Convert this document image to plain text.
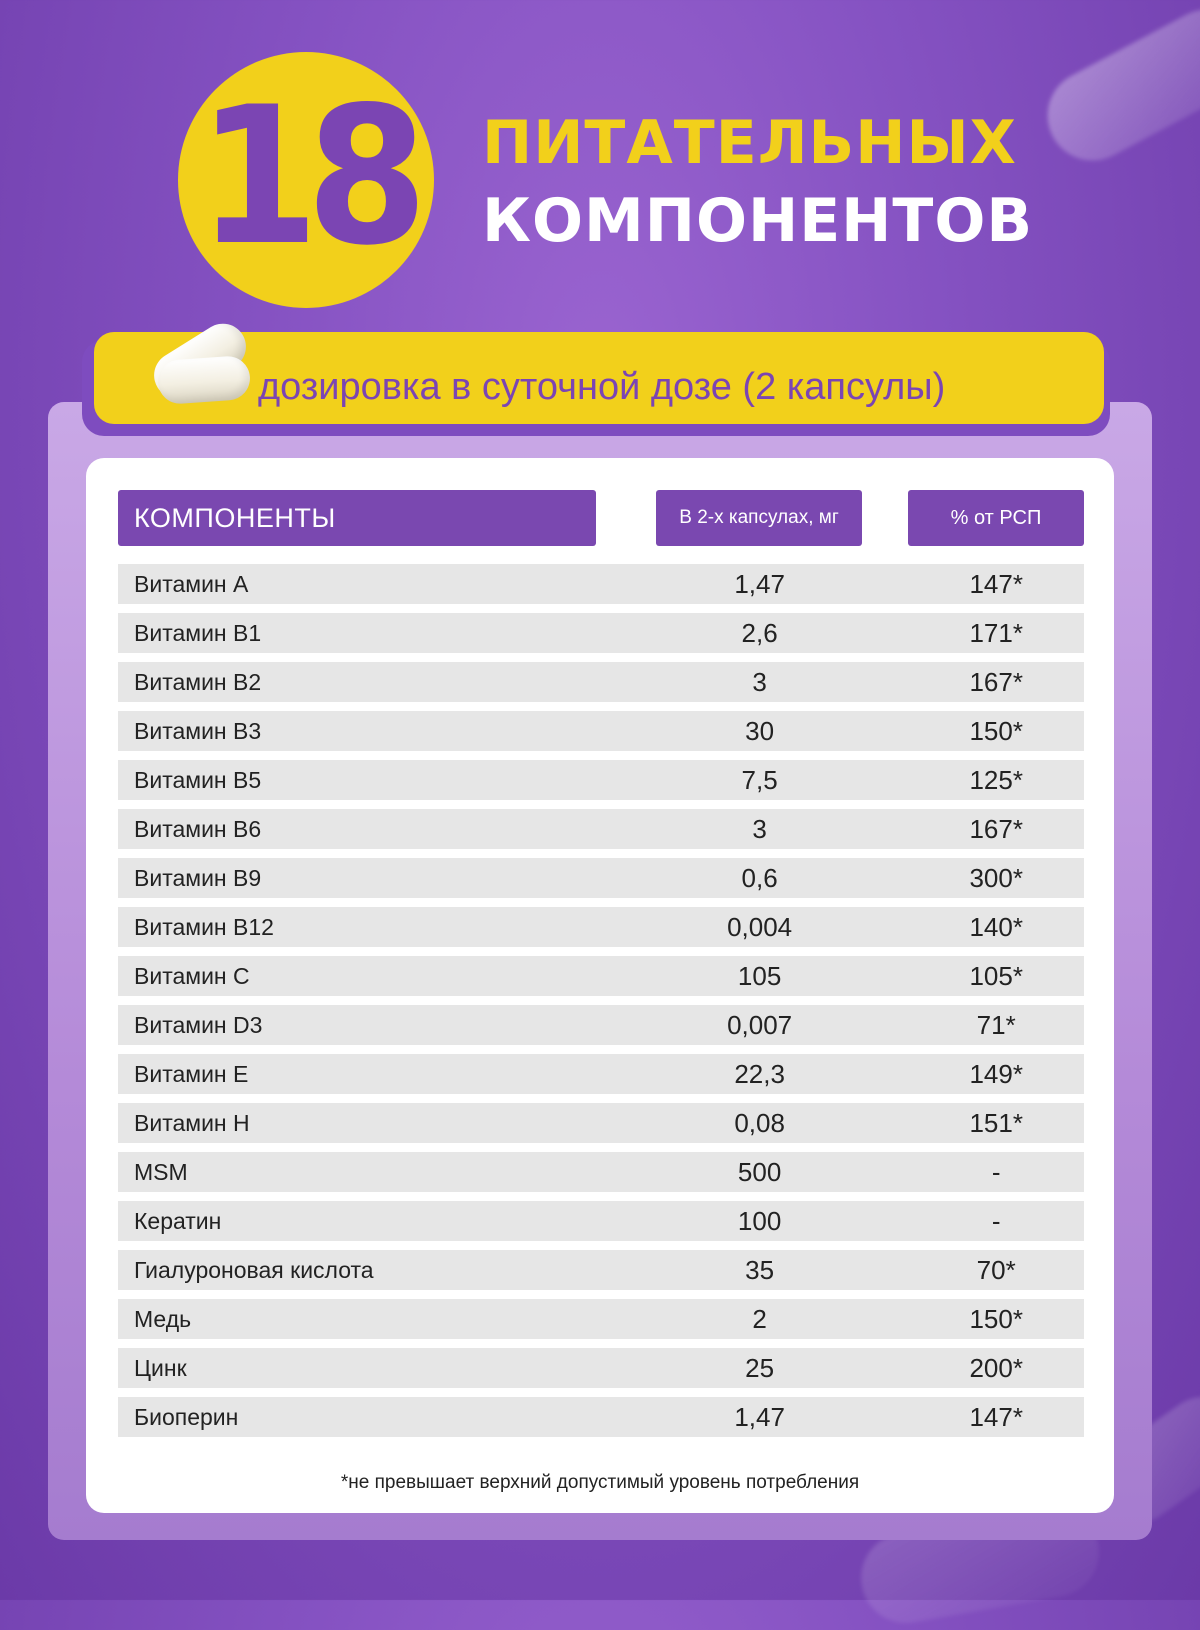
18 ПИТАТЕЛЬНЫХ
КОМПОНЕНТОВ
дозировка в суточной дозе (2 капсулы)
КОМПОНЕНТЫ	В 2-х капсулах, мг	% от РСП
Витамин А	1,47	147*
Витамин В1	2,6	171*
Витамин В2	3	167*
Витамин В3	30	150*
Витамин В5	7,5	125*
Витамин В6	3	167*
Витамин В9	0,6	300*
Витамин В12	0,004	140*
Витамин С	105	105*
Витамин D3	0,007	71*
Витамин Е	22,3	149*
Витамин Н	0,08	151*
MSM	500	-
Кератин	100	-
Гиалуроновая кислота	35	70*
Медь	2	150*
Цинк	25	200*
Биоперин	1,47	147*
*не превышает верхний допустимый уровень потребления
